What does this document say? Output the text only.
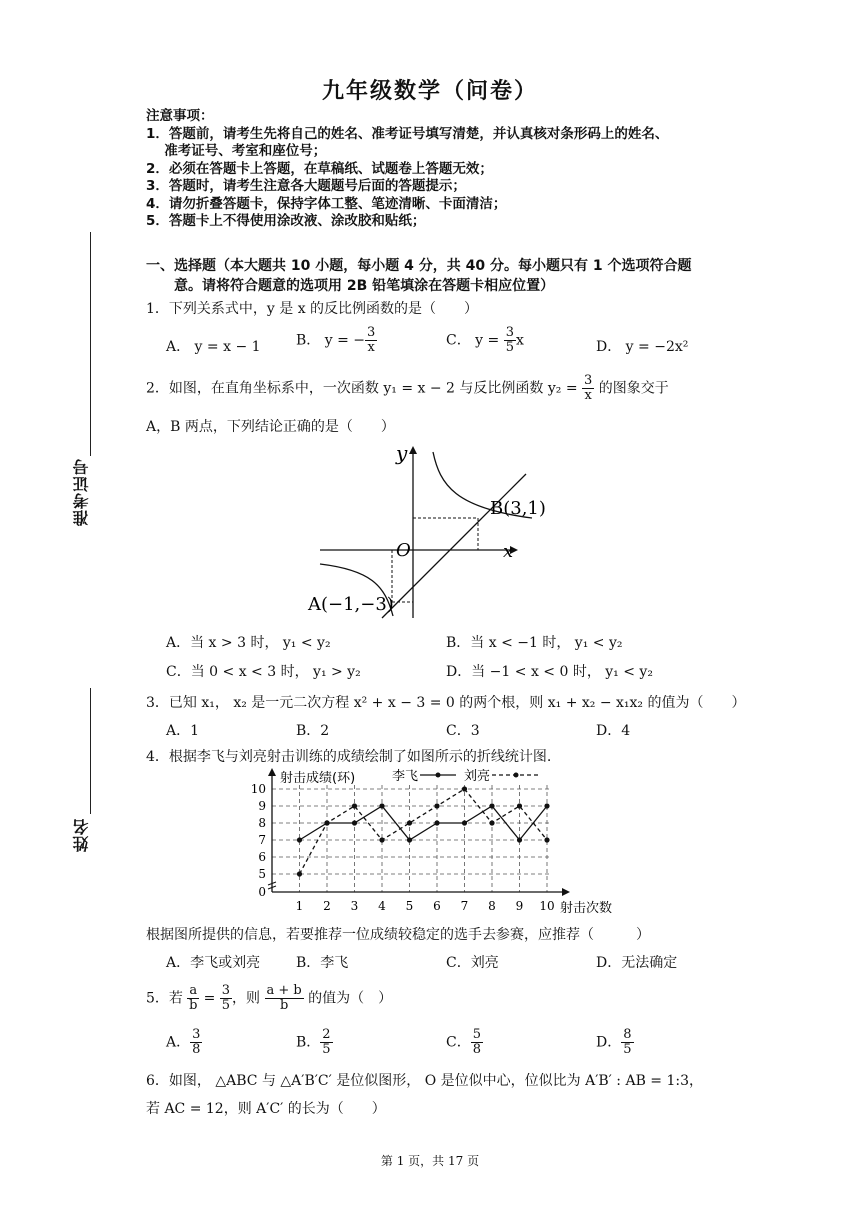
九年级数学（问卷）
注意事项：
1．答题前，请考生先将自己的姓名、准考证号填写清楚，并认真核对条形码上的姓名、
　 准考证号、考室和座位号；
2．必须在答题卡上答题，在草稿纸、试题卷上答题无效；
3．答题时，请考生注意各大题题号后面的答题提示；
4．请勿折叠答题卡，保持字体工整、笔迹清晰、卡面清洁；
5．答题卡上不得使用涂改液、涂改胶和贴纸；
准考证号
姓名
一、选择题（本大题共 10 小题，每小题 4 分，共 40 分。每小题只有 1 个选项符合题
　　意。请将符合题意的选项用 2B 铅笔填涂在答题卡相应位置）
1．下列关系式中，y 是 x 的反比例函数的是（　　）
A． y = x − 1	B． y = − $\frac{3}{x}$	C． $y = \frac{3}{5}$ x	D． y = −2x²
2．如图，在直角坐标系中，一次函数 y₁ = x − 2 与反比例函数 $y_2 = \frac{3}{x}$ 的图象交于
A，B 两点，下列结论正确的是（　　）
y
x
O
B(3,1)
A(−1,−3)
A．当 x > 3 时， y₁ < y₂	B．当 x < −1 时， y₁ < y₂
C．当 0 < x < 3 时， y₁ > y₂	D．当 −1 < x < 0 时， y₁ < y₂
3．已知 x₁， x₂ 是一元二次方程 x² + x − 3 = 0 的两个根，则 x₁ + x₂ − x₁x₂ 的值为（　　）
A．1	B．2	C．3	D．4
4．根据李飞与刘亮射击训练的成绩绘制了如图所示的折线统计图.
射击成绩(环)
射击次数
李飞	刘亮
0
5
6
7
8
9
10
1 2 3 4 5 6 7 8 9 10
根据图所提供的信息，若要推荐一位成绩较稳定的选手去参赛，应推荐（　　　）
A．李飞或刘亮	B．李飞	C．刘亮	D．无法确定
5．若 $\frac{a}{b} = \frac{3}{5}$ ，则 $\frac{a + b}{b}$ 的值为（　）
A． $\frac{3}{8}$	B． $\frac{2}{5}$	C． $\frac{5}{8}$	D． $\frac{8}{5}$
6．如图， △ABC 与 △A′B′C′ 是位似图形， O 是位似中心，位似比为 A′B′ : AB = 1:3，
若 AC = 12，则 A′C′ 的长为（　　）
第 1 页，共 17 页
